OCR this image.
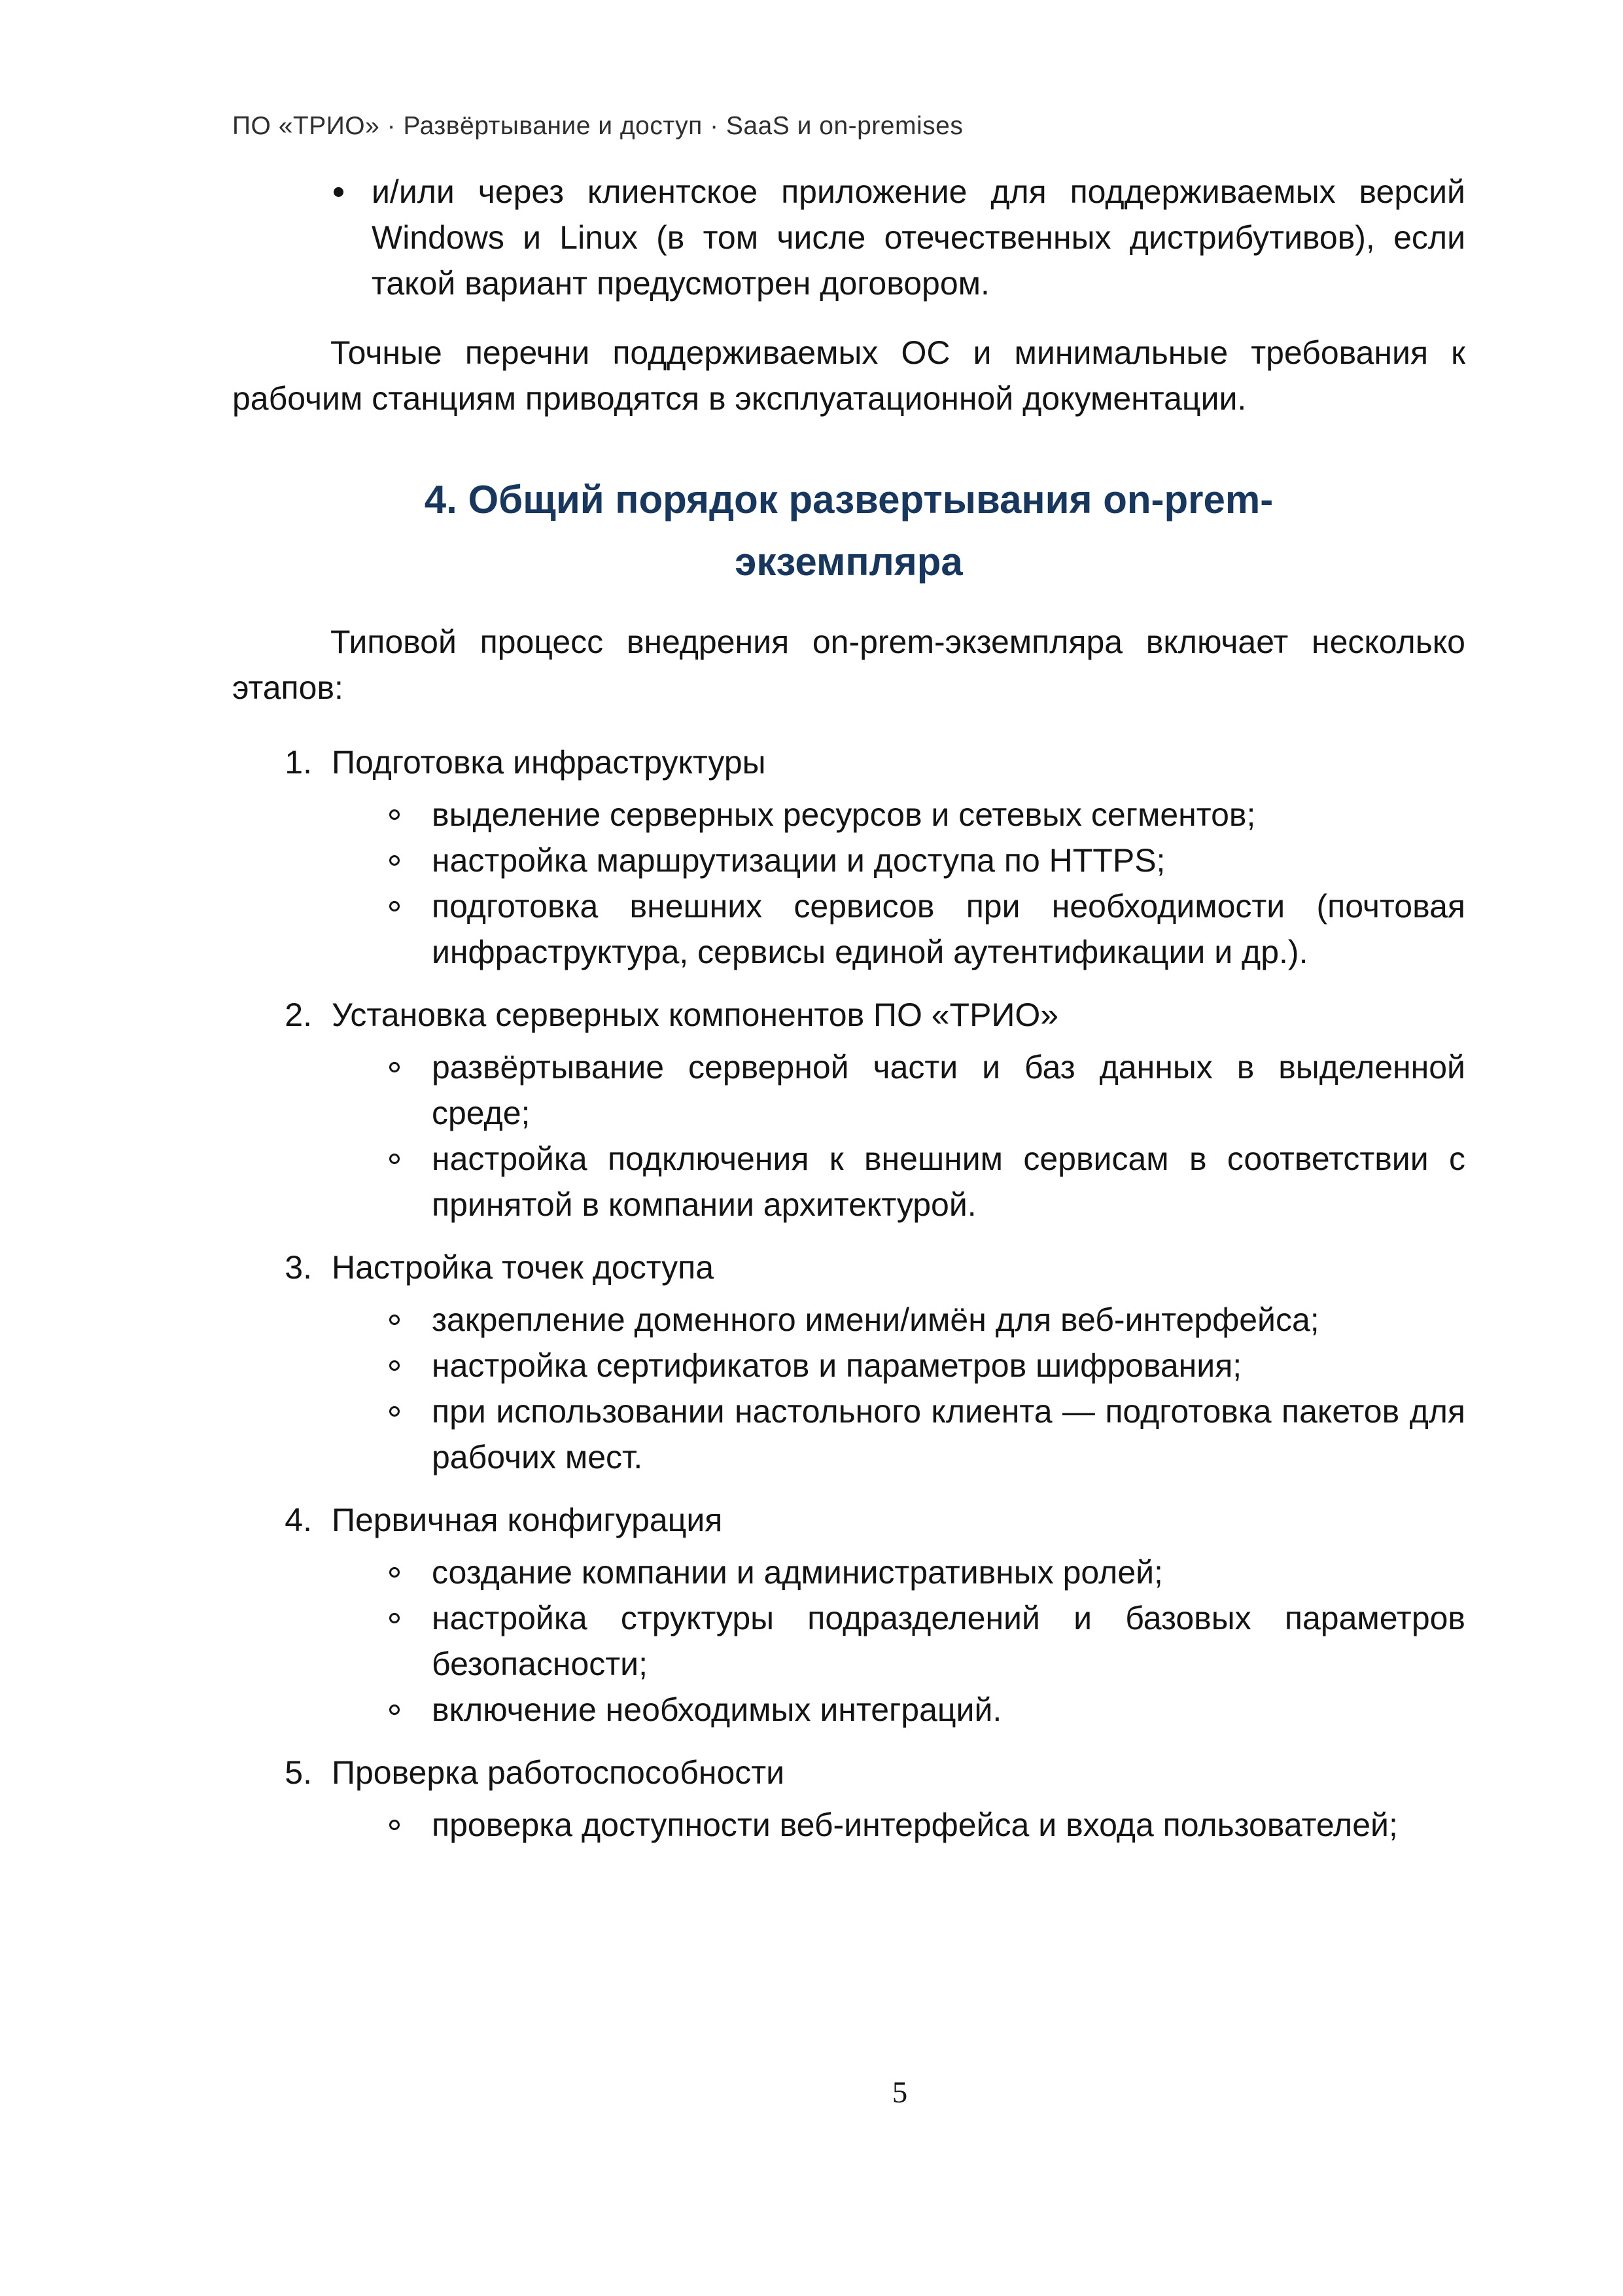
ПО «ТРИО» · Развёртывание и доступ · SaaS и on-premises
и/или через клиентское приложение для поддерживаемых версий Windows и Linux (в том числе отечественных дистрибутивов), если такой вариант предусмотрен договором.

Точные перечни поддерживаемых ОС и минимальные требования к рабочим станциям приводятся в эксплуатационной документации.

4. Общий порядок развертывания on-prem-экземпляра

Типовой процесс внедрения on-prem-экземпляра включает несколько этапов:

1. Подготовка инфраструктуры
выделение серверных ресурсов и сетевых сегментов;
настройка маршрутизации и доступа по HTTPS;
подготовка внешних сервисов при необходимости (почтовая инфраструктура, сервисы единой аутентификации и др.).
2. Установка серверных компонентов ПО «ТРИО»
развёртывание серверной части и баз данных в выделенной среде;
настройка подключения к внешним сервисам в соответствии с принятой в компании архитектурой.
3. Настройка точек доступа
закрепление доменного имени/имён для веб-интерфейса;
настройка сертификатов и параметров шифрования;
при использовании настольного клиента — подготовка пакетов для рабочих мест.
4. Первичная конфигурация
создание компании и административных ролей;
настройка структуры подразделений и базовых параметров безопасности;
включение необходимых интеграций.
5. Проверка работоспособности
проверка доступности веб-интерфейса и входа пользователей;
5
